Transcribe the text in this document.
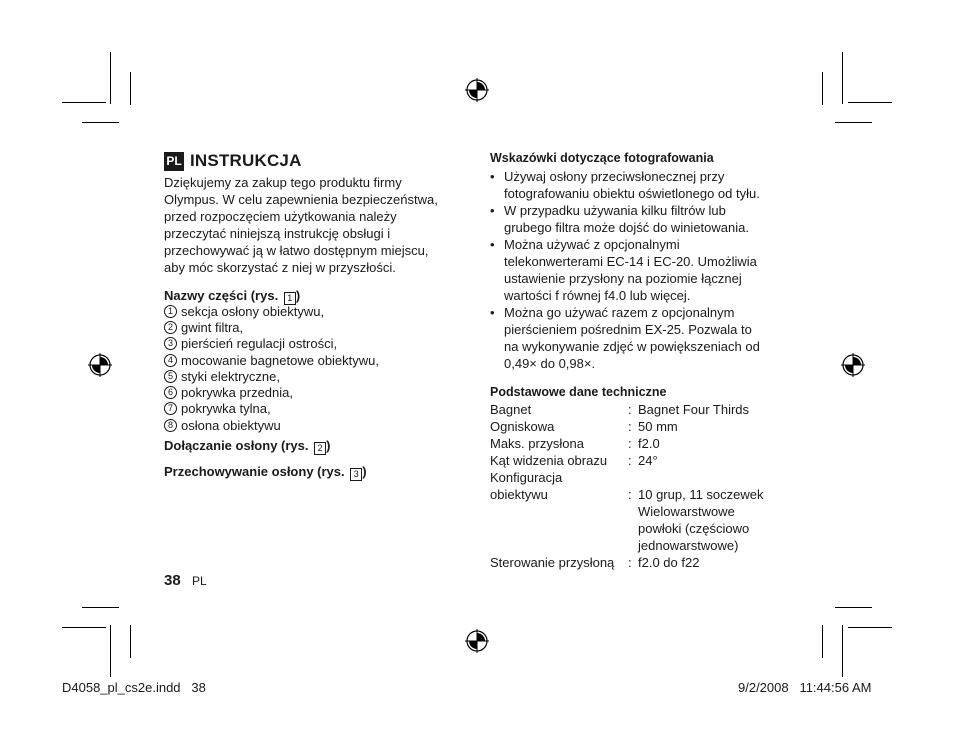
PL INSTRUKCJA
Dziękujemy za zakup tego produktu firmy
Olympus. W celu zapewnienia bezpieczeństwa,
przed rozpoczęciem użytkowania należy
przeczytać niniejszą instrukcję obsługi i
przechowywać ją w łatwo dostępnym miejscu,
aby móc skorzystać z niej w przyszłości.
Nazwy części (rys. 1 )
1 sekcja osłony obiektywu,
2 gwint filtra,
3 pierścień regulacji ostrości,
4 mocowanie bagnetowe obiektywu,
5 styki elektryczne,
6 pokrywka przednia,
7 pokrywka tylna,
8 osłona obiektywu
Dołączanie osłony (rys. 2 )
Przechowywanie osłony (rys. 3 )
Wskazówki dotyczące fotografowania
• Używaj osłony przeciwsłonecznej przy
fotografowaniu obiektu oświetlonego od tyłu.
• W przypadku używania kilku filtrów lub
grubego filtra może dojść do winietowania.
• Można używać z opcjonalnymi
telekonwerterami EC-14 i EC-20. Umożliwia
ustawienie przysłony na poziomie łącznej
wartości f równej f4.0 lub więcej.
• Można go używać razem z opcjonalnym
pierścieniem pośrednim EX-25. Pozwala to
na wykonywanie zdjęć w powiększeniach od
0,49× do 0,98×.
Podstawowe dane techniczne
Bagnet	: Bagnet Four Thirds
Ogniskowa	: 50 mm
Maks. przysłona	: f2.0
Kąt widzenia obrazu	: 24°
Konfiguracja
obiektywu	: 10 grup, 11 soczewek
Wielowarstwowe
powłoki (częściowo
jednowarstwowe)
Sterowanie przysłoną	: f2.0 do f22
38 PL
D4058_pl_cs2e.indd   38	9/2/2008   11:44:56 AM
